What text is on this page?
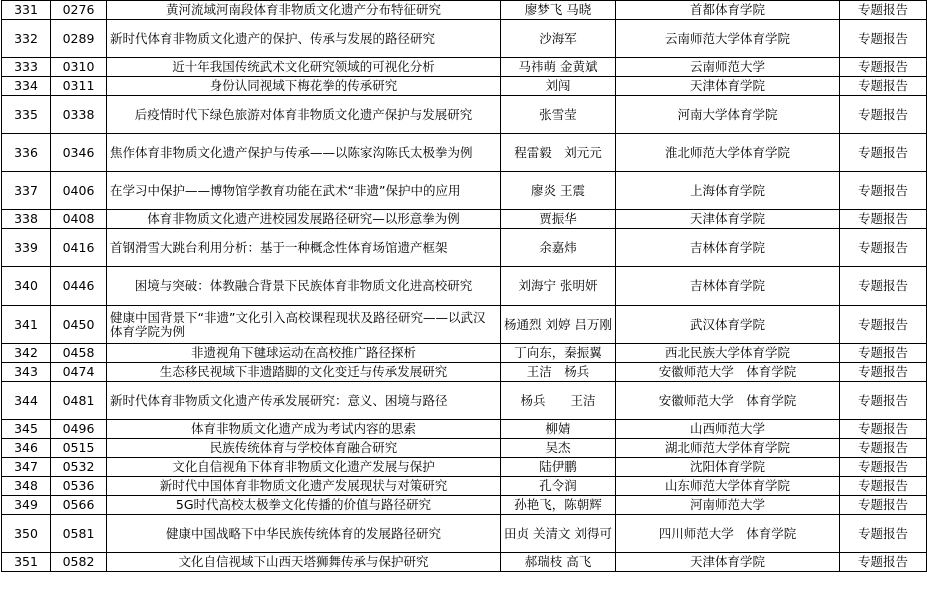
331	0276	黄河流域河南段体育非物质文化遗产分布特征研究	廖梦飞 马晓	首都体育学院	专题报告
332	0289	新时代体育非物质文化遗产的保护、传承与发展的路径研究	沙海军	云南师范大学体育学院	专题报告
333	0310	近十年我国传统武术文化研究领域的可视化分析	马祎萌 金黄斌	云南师范大学	专题报告
334	0311	身份认同视域下梅花拳的传承研究	刘闯	天津体育学院	专题报告
335	0338	后疫情时代下绿色旅游对体育非物质文化遗产保护与发展研究	张雪莹	河南大学体育学院	专题报告
336	0346	焦作体育非物质文化遗产保护与传承——以陈家沟陈氏太极拳为例	程雷毅　刘元元	淮北师范大学体育学院	专题报告
337	0406	在学习中保护——博物馆学教育功能在武术“非遗”保护中的应用	廖炎 王震	上海体育学院	专题报告
338	0408	体育非物质文化遗产进校园发展路径研究—以形意拳为例	贾振华	天津体育学院	专题报告
339	0416	首钢滑雪大跳台利用分析：基于一种概念性体育场馆遗产框架	余嘉炜	吉林体育学院	专题报告
340	0446	困境与突破：体教融合背景下民族体育非物质文化进高校研究	刘海宁 张明妍	吉林体育学院	专题报告
341	0450	健康中国背景下“非遗”文化引入高校课程现状及路径研究——以武汉体育学院为例	杨通烈 刘婷 吕万刚	武汉体育学院	专题报告
342	0458	非遗视角下毽球运动在高校推广路径探析	丁向东，秦振翼	西北民族大学体育学院	专题报告
343	0474	生态移民视域下非遗踏脚的文化变迁与传承发展研究	王洁　杨兵	安徽师范大学　体育学院	专题报告
344	0481	新时代体育非物质文化遗产传承发展研究：意义、困境与路径	杨兵　　王洁	安徽师范大学　体育学院	专题报告
345	0496	体育非物质文化遗产成为考试内容的思索	柳婧	山西师范大学	专题报告
346	0515	民族传统体育与学校体育融合研究	吴杰	湖北师范大学体育学院	专题报告
347	0532	文化自信视角下体育非物质文化遗产发展与保护	陆伊鹏	沈阳体育学院	专题报告
348	0536	新时代中国体育非物质文化遗产发展现状与对策研究	孔令润	山东师范大学体育学院	专题报告
349	0566	5G时代高校太极拳文化传播的价值与路径研究	孙艳飞，陈朝辉	河南师范大学	专题报告
350	0581	健康中国战略下中华民族传统体育的发展路径研究	田贞 关清文 刘得可	四川师范大学　体育学院	专题报告
351	0582	文化自信视域下山西天塔狮舞传承与保护研究	郝瑞枝 高飞	天津体育学院	专题报告
